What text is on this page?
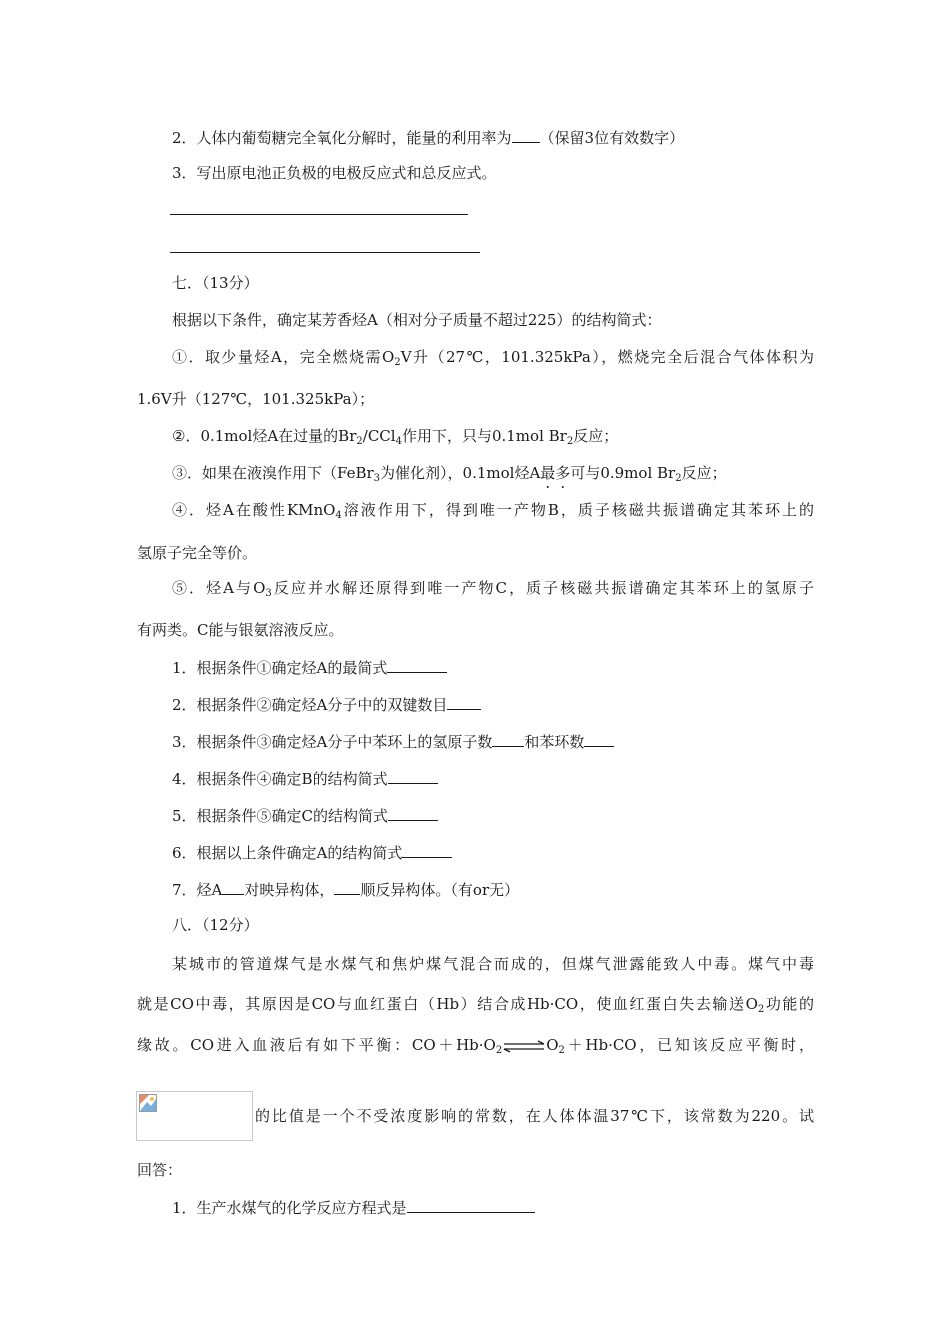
2．人体内葡萄糖完全氧化分解时，能量的利用率为 （保留3位有效数字）
3．写出原电池正负极的电极反应式和总反应式。
七．（13分）
根据以下条件，确定某芳香烃A（相对分子质量不超过225）的结构简式：
①．取少量烃A，完全燃烧需$O_2V$升（27℃，101.325kPa），燃烧完全后混合气体体积为
1.6V升（127℃，101.325kPa）；
②．0.1mol烃A在过量的$Br_2/CCl_4$作用下，只与0.1mol $Br_2$反应；
③．如果在液溴作用下（FeBr$_3$为催化剂），0.1mol烃A最多可与0.9mol $Br_2$反应；
④．烃A在酸性KMnO$_4$溶液作用下，得到唯一产物B，质子核磁共振谱确定其苯环上的
氢原子完全等价。
⑤．烃A与$O_3$反应并水解还原得到唯一产物C，质子核磁共振谱确定其苯环上的氢原子
有两类。C能与银氨溶液反应。
1．根据条件①确定烃A的最简式
2．根据条件②确定烃A分子中的双键数目
3．根据条件③确定烃A分子中苯环上的氢原子数 和苯环数
4．根据条件④确定B的结构简式
5．根据条件⑤确定C的结构简式
6．根据以上条件确定A的结构简式
7．烃A 对映异构体， 顺反异构体。（有or无）
八．（12分）
某城市的管道煤气是水煤气和焦炉煤气混合而成的，但煤气泄露能致人中毒。煤气中毒
就是CO中毒，其原因是CO与血红蛋白（Hb）结合成Hb·CO，使血红蛋白失去输送$O_2$功能的
缘故。CO进入血液后有如下平衡：$CO+Hb\cdot O_2\rightleftharpoons O_2+Hb\cdot CO$，已知该反应平衡时，
的比值是一个不受浓度影响的常数，在人体体温37℃下，该常数为220。试
回答：
1．生产水煤气的化学反应方程式是
